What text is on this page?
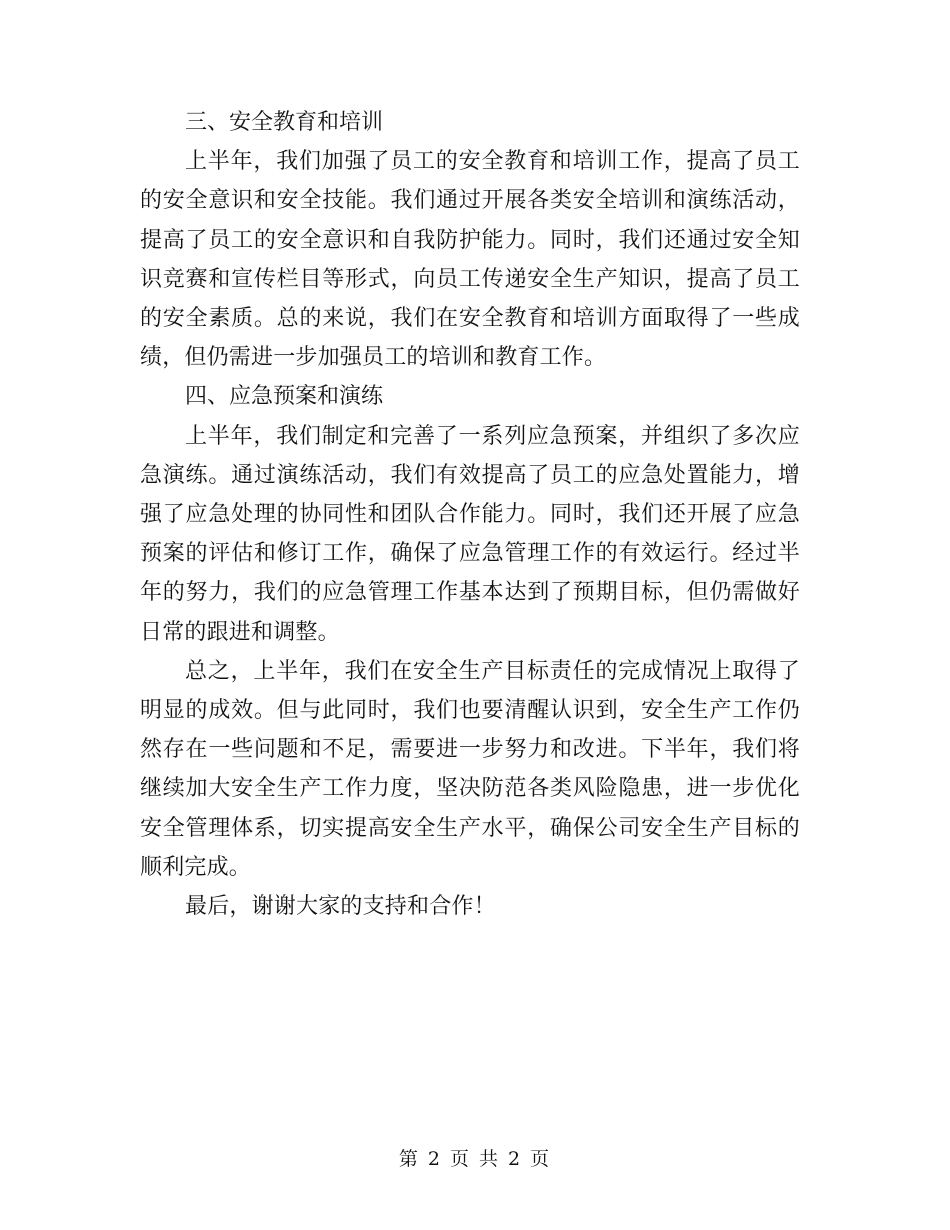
三、安全教育和培训

上半年，我们加强了员工的安全教育和培训工作，提高了员工的安全意识和安全技能。我们通过开展各类安全培训和演练活动，提高了员工的安全意识和自我防护能力。同时，我们还通过安全知识竞赛和宣传栏目等形式，向员工传递安全生产知识，提高了员工的安全素质。总的来说，我们在安全教育和培训方面取得了一些成绩，但仍需进一步加强员工的培训和教育工作。

四、应急预案和演练

上半年，我们制定和完善了一系列应急预案，并组织了多次应急演练。通过演练活动，我们有效提高了员工的应急处置能力，增强了应急处理的协同性和团队合作能力。同时，我们还开展了应急预案的评估和修订工作，确保了应急管理工作的有效运行。经过半年的努力，我们的应急管理工作基本达到了预期目标，但仍需做好日常的跟进和调整。

总之，上半年，我们在安全生产目标责任的完成情况上取得了明显的成效。但与此同时，我们也要清醒认识到，安全生产工作仍然存在一些问题和不足，需要进一步努力和改进。下半年，我们将继续加大安全生产工作力度，坚决防范各类风险隐患，进一步优化安全管理体系，切实提高安全生产水平，确保公司安全生产目标的顺利完成。

最后，谢谢大家的支持和合作！

第 2 页 共 2 页
